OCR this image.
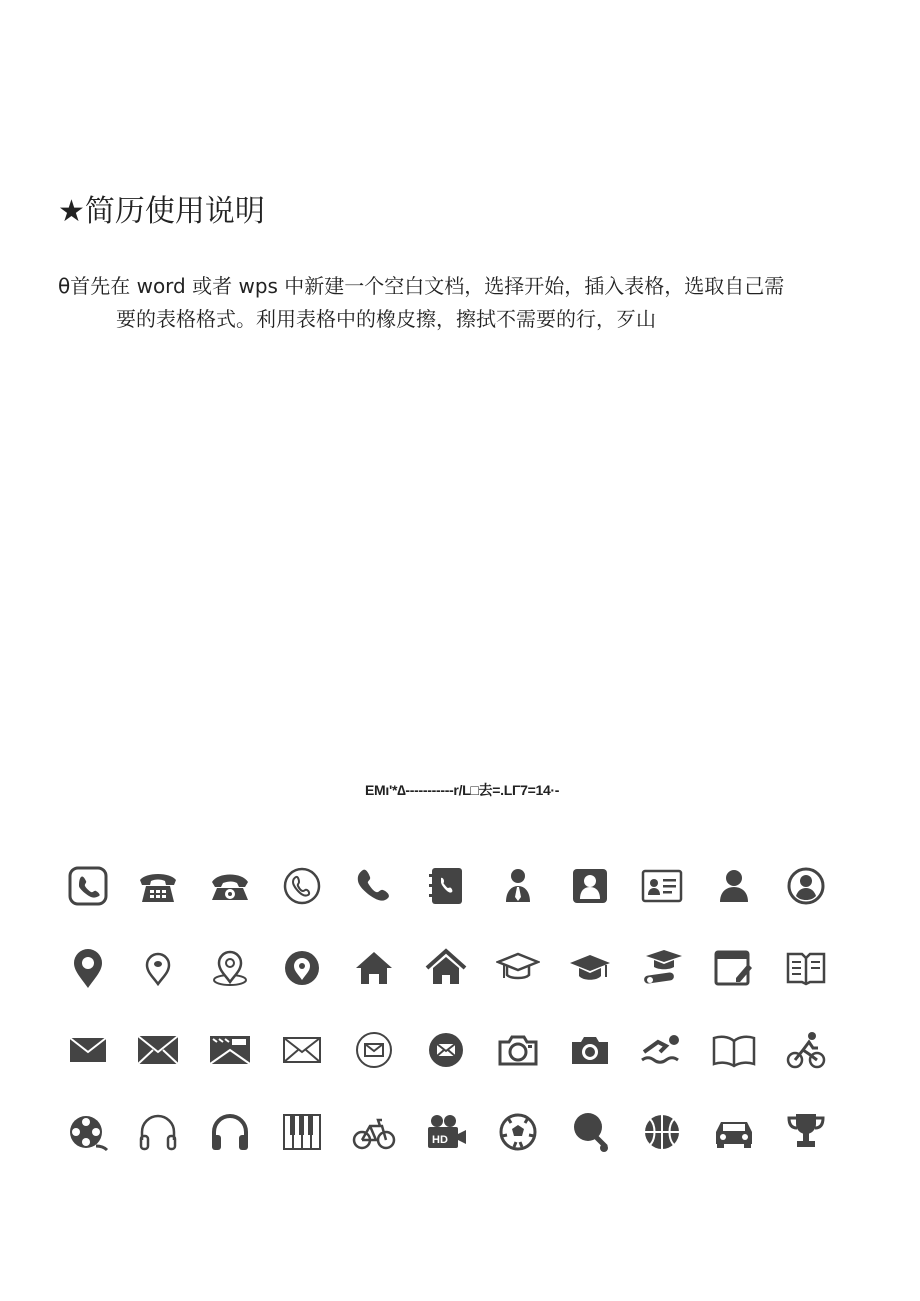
★简历使用说明
θ首先在 word 或者 wps 中新建一个空白文档，选择开始，插入表格，选取自己需
要的表格格式。利用表格中的橡皮擦，擦拭不需要的行，歹山
EMı'*∆-----------r/L□去=.LΓ7=14·-
HD
